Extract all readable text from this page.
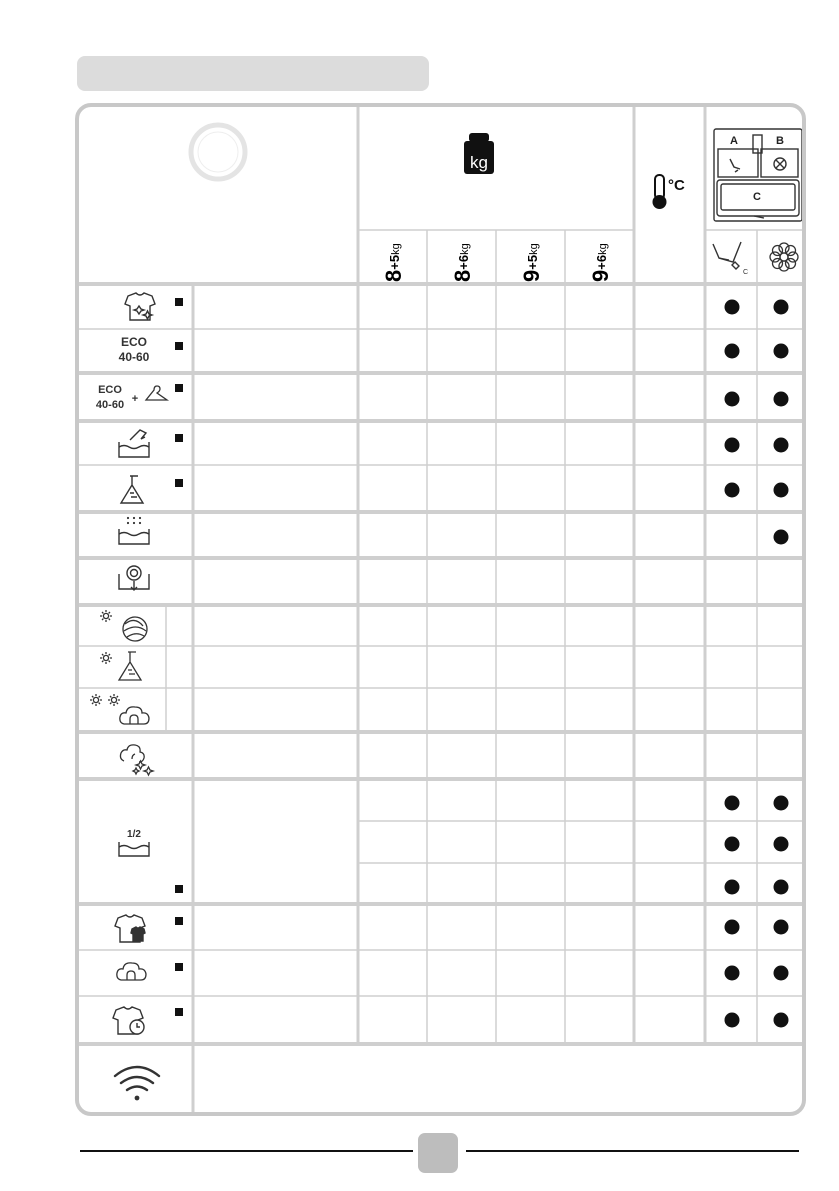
kg
8+5kg
8+6kg
9+5kg
9+6kg
°C
A	B
C
C
ECO
40-60
ECO
40-60 +
1/2
